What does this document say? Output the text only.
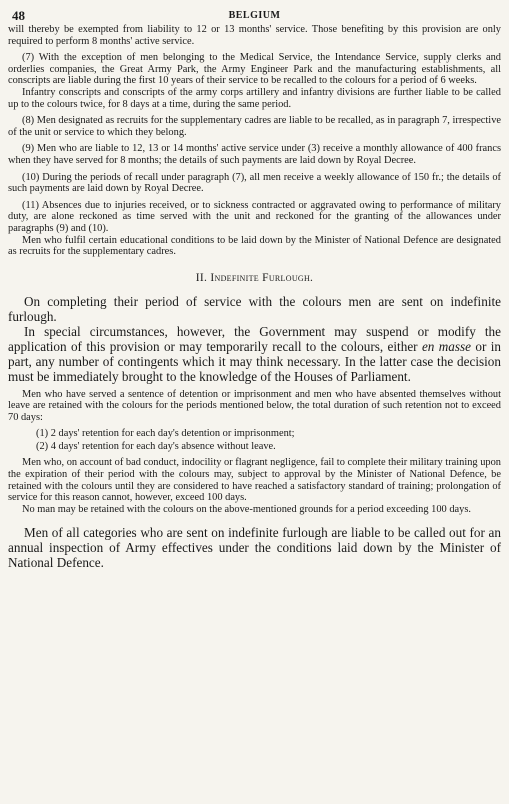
48	BELGIUM

will thereby be exempted from liability to 12 or 13 months' service. Those benefiting by this provision are only required to perform 8 months' active service.

(7) With the exception of men belonging to the Medical Service, the Intendance Service, supply clerks and orderlies companies, the Great Army Park, the Army Engineer Park and the manufacturing establishments, all conscripts are liable during the first 10 years of their service to be recalled to the colours for a period of 6 weeks.

Infantry conscripts and conscripts of the army corps artillery and infantry divisions are further liable to be called up to the colours twice, for 8 days at a time, during the same period.

(8) Men designated as recruits for the supplementary cadres are liable to be recalled, as in paragraph 7, irrespective of the unit or service to which they belong.

(9) Men who are liable to 12, 13 or 14 months' active service under (3) receive a monthly allowance of 400 francs when they have served for 8 months; the details of such payments are laid down by Royal Decree.

(10) During the periods of recall under paragraph (7), all men receive a weekly allowance of 150 fr.; the details of such payments are laid down by Royal Decree.

(11) Absences due to injuries received, or to sickness contracted or aggravated owing to performance of military duty, are alone reckoned as time served with the unit and reckoned for the granting of the allowances under paragraphs (9) and (10).

Men who fulfil certain educational conditions to be laid down by the Minister of National Defence are designated as recruits for the supplementary cadres.

II. Indefinite Furlough.

On completing their period of service with the colours men are sent on indefinite furlough.

In special circumstances, however, the Government may suspend or modify the application of this provision or may temporarily recall to the colours, either en masse or in part, any number of contingents which it may think necessary. In the latter case the decision must be immediately brought to the knowledge of the Houses of Parliament.

Men who have served a sentence of detention or imprisonment and men who have absented themselves without leave are retained with the colours for the periods mentioned below, the total duration of such retention not to exceed 70 days:

(1) 2 days' retention for each day's detention or imprisonment;
(2) 4 days' retention for each day's absence without leave.

Men who, on account of bad conduct, indocility or flagrant negligence, fail to complete their military training upon the expiration of their period with the colours may, subject to approval by the Minister of National Defence, be retained with the colours until they are considered to have reached a satisfactory standard of training; prolongation of service for this reason cannot, however, exceed 100 days.

No man may be retained with the colours on the above-mentioned grounds for a period exceeding 100 days.

Men of all categories who are sent on indefinite furlough are liable to be called out for an annual inspection of Army effectives under the conditions laid down by the Minister of National Defence.
